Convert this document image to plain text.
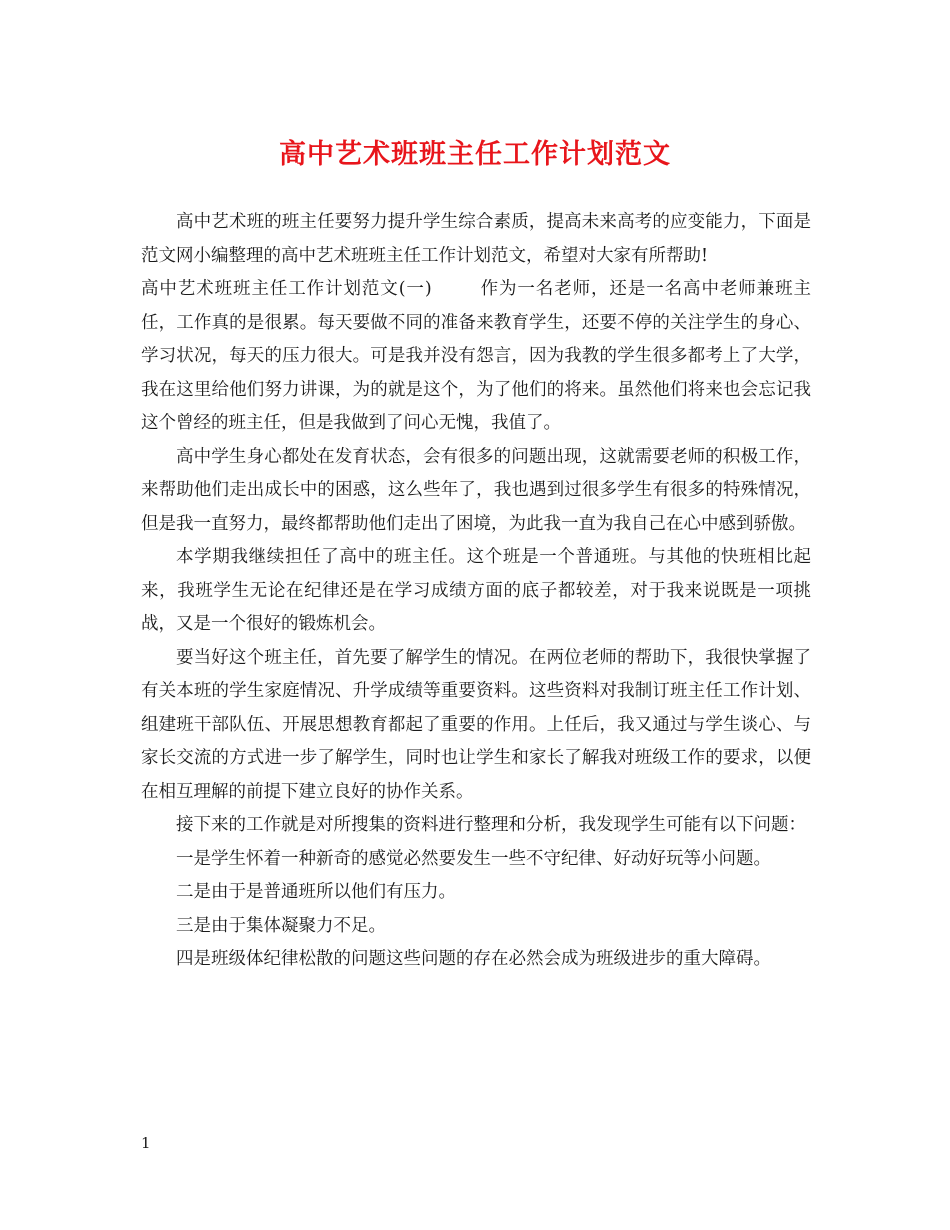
高中艺术班班主任工作计划范文

高中艺术班的班主任要努力提升学生综合素质，提高未来高考的应变能力，下面是范文网小编整理的高中艺术班班主任工作计划范文，希望对大家有所帮助!

高中艺术班班主任工作计划范文(一)	作为一名老师，还是一名高中老师兼班主任，工作真的是很累。每天要做不同的准备来教育学生，还要不停的关注学生的身心、学习状况，每天的压力很大。可是我并没有怨言，因为我教的学生很多都考上了大学，我在这里给他们努力讲课，为的就是这个，为了他们的将来。虽然他们将来也会忘记我这个曾经的班主任，但是我做到了问心无愧，我值了。

高中学生身心都处在发育状态，会有很多的问题出现，这就需要老师的积极工作，来帮助他们走出成长中的困惑，这么些年了，我也遇到过很多学生有很多的特殊情况，但是我一直努力，最终都帮助他们走出了困境，为此我一直为我自己在心中感到骄傲。

本学期我继续担任了高中的班主任。这个班是一个普通班。与其他的快班相比起来，我班学生无论在纪律还是在学习成绩方面的底子都较差，对于我来说既是一项挑战，又是一个很好的锻炼机会。

要当好这个班主任，首先要了解学生的情况。在两位老师的帮助下，我很快掌握了有关本班的学生家庭情况、升学成绩等重要资料。这些资料对我制订班主任工作计划、组建班干部队伍、开展思想教育都起了重要的作用。上任后，我又通过与学生谈心、与家长交流的方式进一步了解学生，同时也让学生和家长了解我对班级工作的要求，以便在相互理解的前提下建立良好的协作关系。

接下来的工作就是对所搜集的资料进行整理和分析，我发现学生可能有以下问题：

一是学生怀着一种新奇的感觉必然要发生一些不守纪律、好动好玩等小问题。

二是由于是普通班所以他们有压力。

三是由于集体凝聚力不足。

四是班级体纪律松散的问题这些问题的存在必然会成为班级进步的重大障碍。

1
